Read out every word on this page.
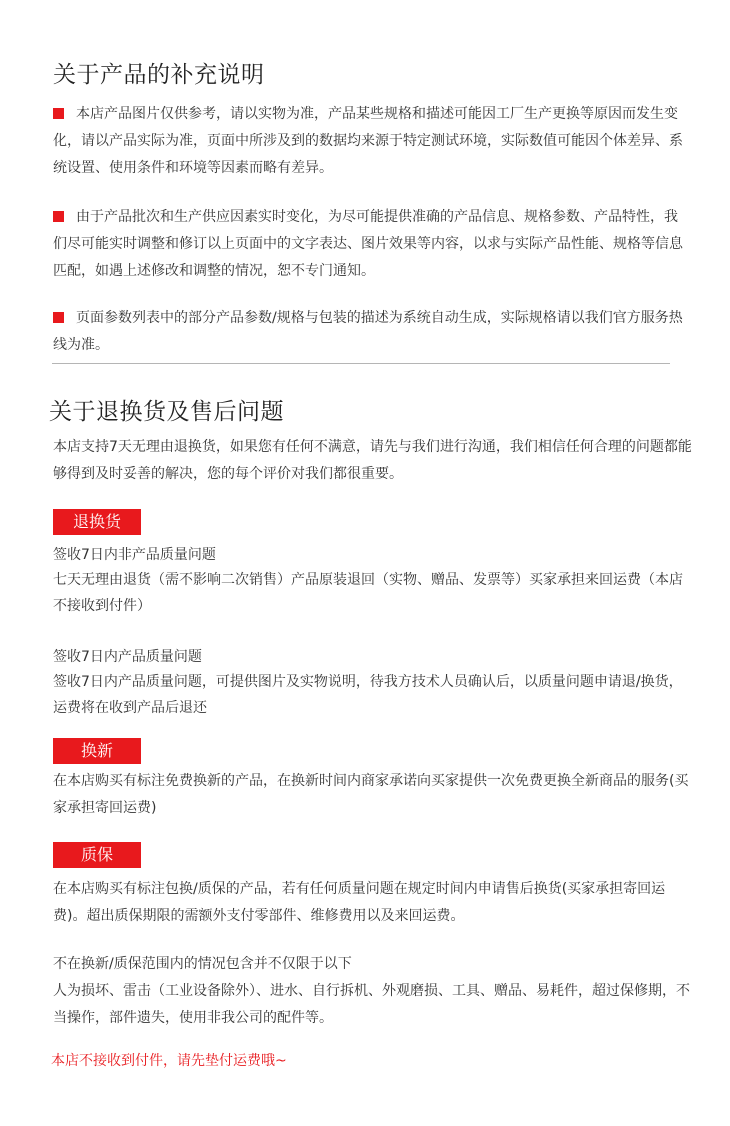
关于产品的补充说明
本店产品图片仅供参考，请以实物为准，产品某些规格和描述可能因工厂生产更换等原因而发生变化，请以产品实际为准，页面中所涉及到的数据均来源于特定测试环境，实际数值可能因个体差异、系统设置、使用条件和环境等因素而略有差异。
由于产品批次和生产供应因素实时变化，为尽可能提供准确的产品信息、规格参数、产品特性，我们尽可能实时调整和修订以上页面中的文字表达、图片效果等内容，以求与实际产品性能、规格等信息匹配，如遇上述修改和调整的情况，恕不专门通知。
页面参数列表中的部分产品参数/规格与包装的描述为系统自动生成，实际规格请以我们官方服务热线为准。
关于退换货及售后问题
本店支持7天无理由退换货，如果您有任何不满意，请先与我们进行沟通，我们相信任何合理的问题都能够得到及时妥善的解决，您的每个评价对我们都很重要。
退换货
签收7日内非产品质量问题
七天无理由退货（需不影响二次销售）产品原装退回（实物、赠品、发票等）买家承担来回运费（本店不接收到付件）
签收7日内产品质量问题
签收7日内产品质量问题，可提供图片及实物说明，待我方技术人员确认后，以质量问题申请退/换货，运费将在收到产品后退还
换新
在本店购买有标注免费换新的产品，在换新时间内商家承诺向买家提供一次免费更换全新商品的服务(买家承担寄回运费)
质保
在本店购买有标注包换/质保的产品，若有任何质量问题在规定时间内申请售后换货(买家承担寄回运费)。超出质保期限的需额外支付零部件、维修费用以及来回运费。
不在换新/质保范围内的情况包含并不仅限于以下
人为损坏、雷击（工业设备除外）、进水、自行拆机、外观磨损、工具、赠品、易耗件，超过保修期，不当操作，部件遗失，使用非我公司的配件等。
本店不接收到付件，请先垫付运费哦~
